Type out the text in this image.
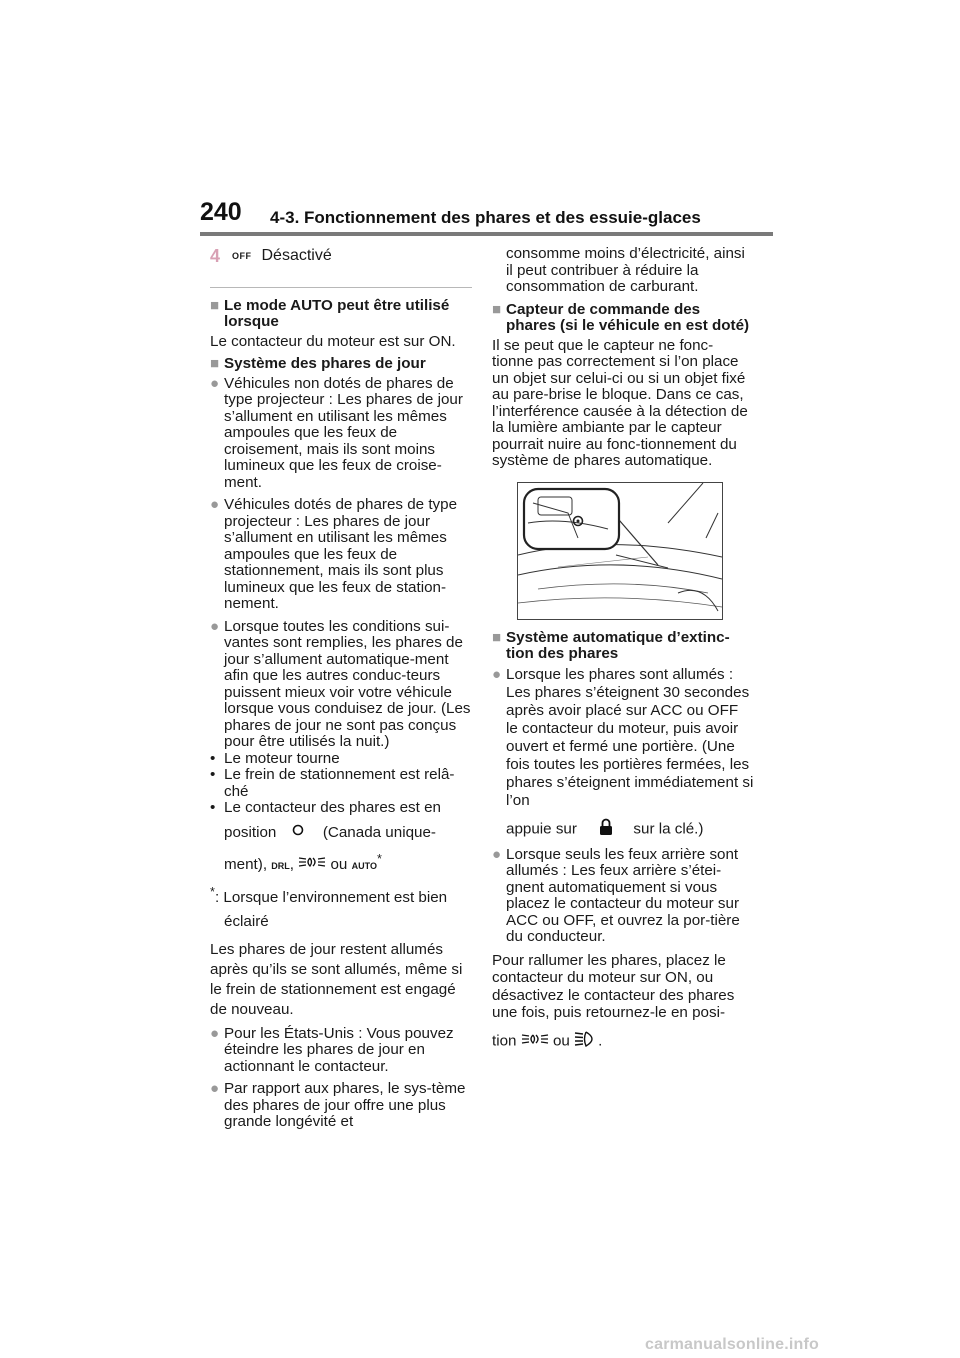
240 4-3. Fonctionnement des phares et des essuie-glaces
4	OFF Désactivé
■ Le mode AUTO peut être utilisé lorsque
Le contacteur du moteur est sur ON.
■ Système des phares de jour
● Véhicules non dotés de phares de type projecteur : Les phares de jour s’allument en utilisant les mêmes ampoules que les feux de croisement, mais ils sont moins lumineux que les feux de croise-ment.
● Véhicules dotés de phares de type projecteur : Les phares de jour s’allument en utilisant les mêmes ampoules que les feux de stationnement, mais ils sont plus lumineux que les feux de station-nement.
● Lorsque toutes les conditions sui-vantes sont remplies, les phares de jour s’allument automatique-ment afin que les autres conduc-teurs puissent mieux voir votre véhicule lorsque vous conduisez de jour. (Les phares de jour ne sont pas conçus pour être utilisés la nuit.)
• Le moteur tourne
• Le frein de stationnement est relâ-ché
• Le contacteur des phares est en
position	(Canada unique-
ment), DRL, ou AUTO*
*: Lorsque l’environnement est bien
éclairé
Les phares de jour restent allumés après qu’ils se sont allumés, même si le frein de stationnement est engagé de nouveau.
● Pour les États-Unis : Vous pouvez éteindre les phares de jour en actionnant le contacteur.
● Par rapport aux phares, le sys-tème des phares de jour offre une plus grande longévité et
consomme moins d’électricité, ainsi il peut contribuer à réduire la consommation de carburant.
■ Capteur de commande des phares (si le véhicule en est doté)
Il se peut que le capteur ne fonc-tionne pas correctement si l’on place un objet sur celui-ci ou si un objet fixé au pare-brise le bloque. Dans ce cas, l’interférence causée à la détection de la lumière ambiante par le capteur pourrait nuire au fonc-tionnement du système de phares automatique.
■ Système automatique d’extinc-tion des phares
● Lorsque les phares sont allumés : Les phares s’éteignent 30 secondes après avoir placé sur ACC ou OFF le contacteur du moteur, puis avoir ouvert et fermé une portière. (Une fois toutes les portières fermées, les phares s’éteignent immédiatement si l’on
appuie sur	sur la clé.)
● Lorsque seuls les feux arrière sont allumés : Les feux arrière s’étei-gnent automatiquement si vous placez le contacteur du moteur sur ACC ou OFF, et ouvrez la por-tière du conducteur.
Pour rallumer les phares, placez le contacteur du moteur sur ON, ou désactivez le contacteur des phares une fois, puis retournez-le en posi-
tion ou .
carmanualsonline.info
